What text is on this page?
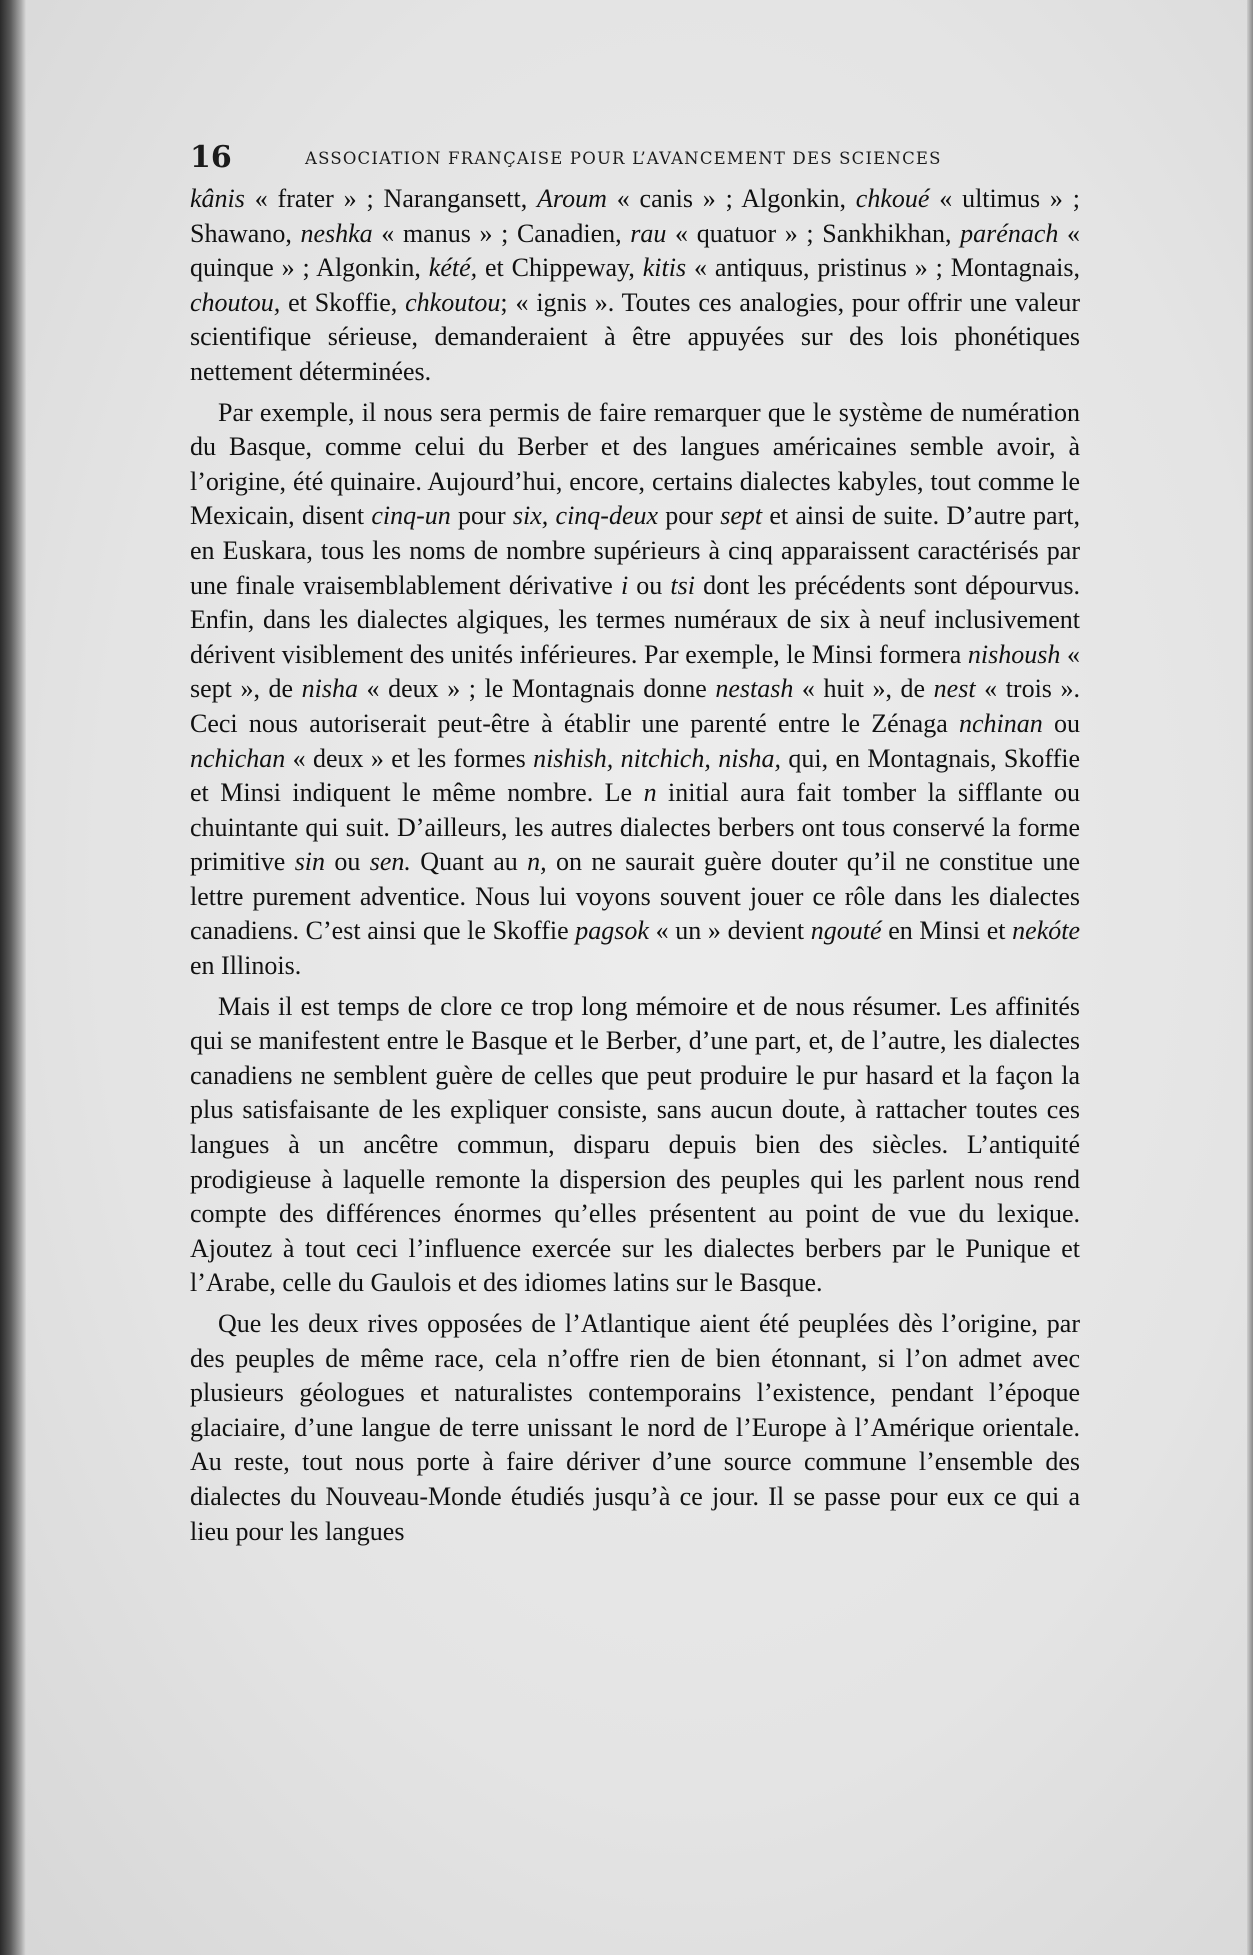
16	ASSOCIATION FRANÇAISE POUR L’AVANCEMENT DES SCIENCES

kânis « frater » ; Narangansett, Aroum « canis » ; Algonkin, chkoué « ultimus » ; Shawano, neshka « manus » ; Canadien, rau « quatuor » ; Sankhikhan, parénach « quinque » ; Algonkin, kété, et Chippeway, kitis « antiquus, pristinus » ; Montagnais, choutou, et Skoffie, chkoutou; « ignis ». Toutes ces analogies, pour offrir une valeur scientifique sérieuse, demanderaient à être appuyées sur des lois phonétiques nettement déterminées.

Par exemple, il nous sera permis de faire remarquer que le système de numération du Basque, comme celui du Berber et des langues américaines semble avoir, à l’origine, été quinaire. Aujourd’hui, encore, certains dialectes kabyles, tout comme le Mexicain, disent cinq-un pour six, cinq-deux pour sept et ainsi de suite. D’autre part, en Euskara, tous les noms de nombre supérieurs à cinq apparaissent caractérisés par une finale vraisemblablement dérivative i ou tsi dont les précédents sont dépourvus. Enfin, dans les dialectes algiques, les termes numéraux de six à neuf inclusivement dérivent visiblement des unités inférieures. Par exemple, le Minsi formera nishoush « sept », de nisha « deux » ; le Montagnais donne nestash « huit », de nest « trois ». Ceci nous autoriserait peut-être à établir une parenté entre le Zénaga nchinan ou nchichan « deux » et les formes nishish, nitchich, nisha, qui, en Montagnais, Skoffie et Minsi indiquent le même nombre. Le n initial aura fait tomber la sifflante ou chuintante qui suit. D’ailleurs, les autres dialectes berbers ont tous conservé la forme primitive sin ou sen. Quant au n, on ne saurait guère douter qu’il ne constitue une lettre purement adventice. Nous lui voyons souvent jouer ce rôle dans les dialectes canadiens. C’est ainsi que le Skoffie pagsok « un » devient ngouté en Minsi et nekóte en Illinois.

Mais il est temps de clore ce trop long mémoire et de nous résumer. Les affinités qui se manifestent entre le Basque et le Berber, d’une part, et, de l’autre, les dialectes canadiens ne semblent guère de celles que peut produire le pur hasard et la façon la plus satisfaisante de les expliquer consiste, sans aucun doute, à rattacher toutes ces langues à un ancêtre commun, disparu depuis bien des siècles. L’antiquité prodigieuse à laquelle remonte la dispersion des peuples qui les parlent nous rend compte des différences énormes qu’elles présentent au point de vue du lexique. Ajoutez à tout ceci l’influence exercée sur les dialectes berbers par le Punique et l’Arabe, celle du Gaulois et des idiomes latins sur le Basque.

Que les deux rives opposées de l’Atlantique aient été peuplées dès l’origine, par des peuples de même race, cela n’offre rien de bien étonnant, si l’on admet avec plusieurs géologues et naturalistes contemporains l’existence, pendant l’époque glaciaire, d’une langue de terre unissant le nord de l’Europe à l’Amérique orientale. Au reste, tout nous porte à faire dériver d’une source commune l’ensemble des dialectes du Nouveau-Monde étudiés jusqu’à ce jour. Il se passe pour eux ce qui a lieu pour les langues
